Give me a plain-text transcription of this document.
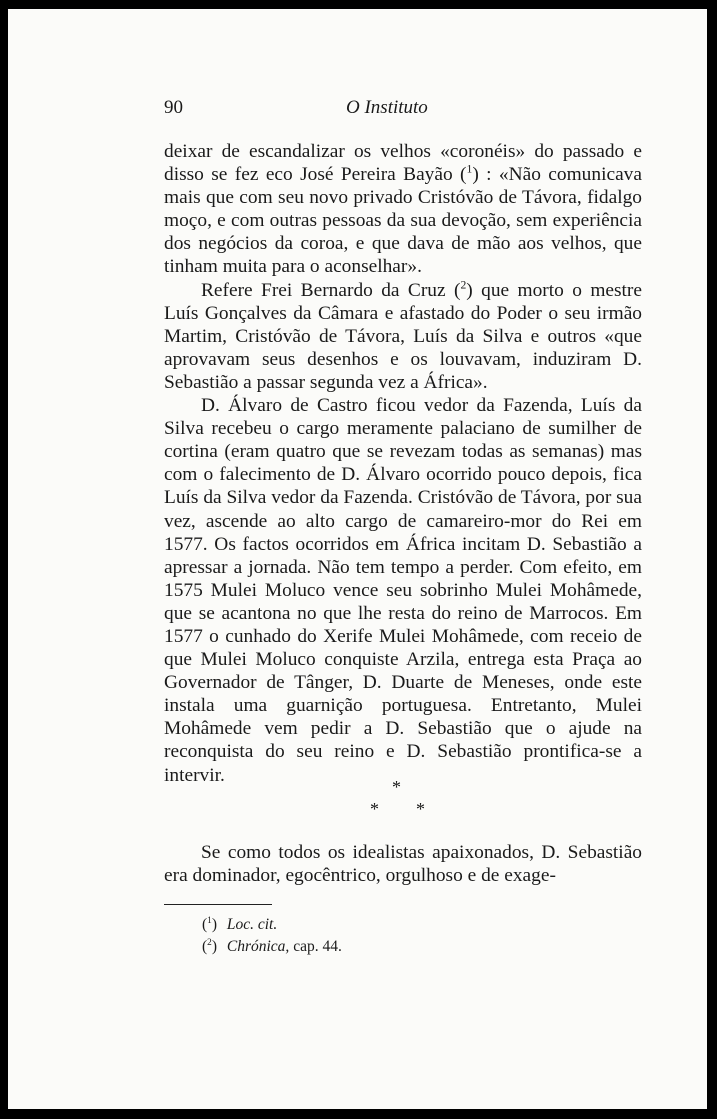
90	O Instituto

deixar de escandalizar os velhos «coronéis» do passado e disso se fez eco José Pereira Bayão ($^1$) : «Não comunicava mais que com seu novo privado Cristóvão de Távora, fidalgo moço, e com outras pessoas da sua devoção, sem experiência dos negócios da coroa, e que dava de mão aos velhos, que tinham muita para o aconselhar».

Refere Frei Bernardo da Cruz ($^2$) que morto o mestre Luís Gonçalves da Câmara e afastado do Poder o seu irmão Martim, Cristóvão de Távora, Luís da Silva e outros «que aprovavam seus desenhos e os louvavam, induziram D. Sebastião a passar segunda vez a África».

D. Álvaro de Castro ficou vedor da Fazenda, Luís da Silva recebeu o cargo meramente palaciano de sumilher de cortina (eram quatro que se revezam todas as semanas) mas com o falecimento de D. Álvaro ocorrido pouco depois, fica Luís da Silva vedor da Fazenda. Cristóvão de Távora, por sua vez, ascende ao alto cargo de camareiro-mor do Rei em 1577. Os factos ocorridos em África incitam D. Sebastião a apressar a jornada. Não tem tempo a perder. Com efeito, em 1575 Mulei Moluco vence seu sobrinho Mulei Mohâmede, que se acantona no que lhe resta do reino de Marrocos. Em 1577 o cunhado do Xerife Mulei Mohâmede, com receio de que Mulei Moluco conquiste Arzila, entrega esta Praça ao Governador de Tânger, D. Duarte de Meneses, onde este instala uma guarnição portuguesa. Entretanto, Mulei Mohâmede vem pedir a D. Sebastião que o ajude na reconquista do seu reino e D. Sebastião prontifica-se a intervir.

*
* *

Se como todos os idealistas apaixonados, D. Sebastião era dominador, egocêntrico, orgulhoso e de exage-

($^1$) Loc. cit.
($^2$) Chrónica, cap. 44.
